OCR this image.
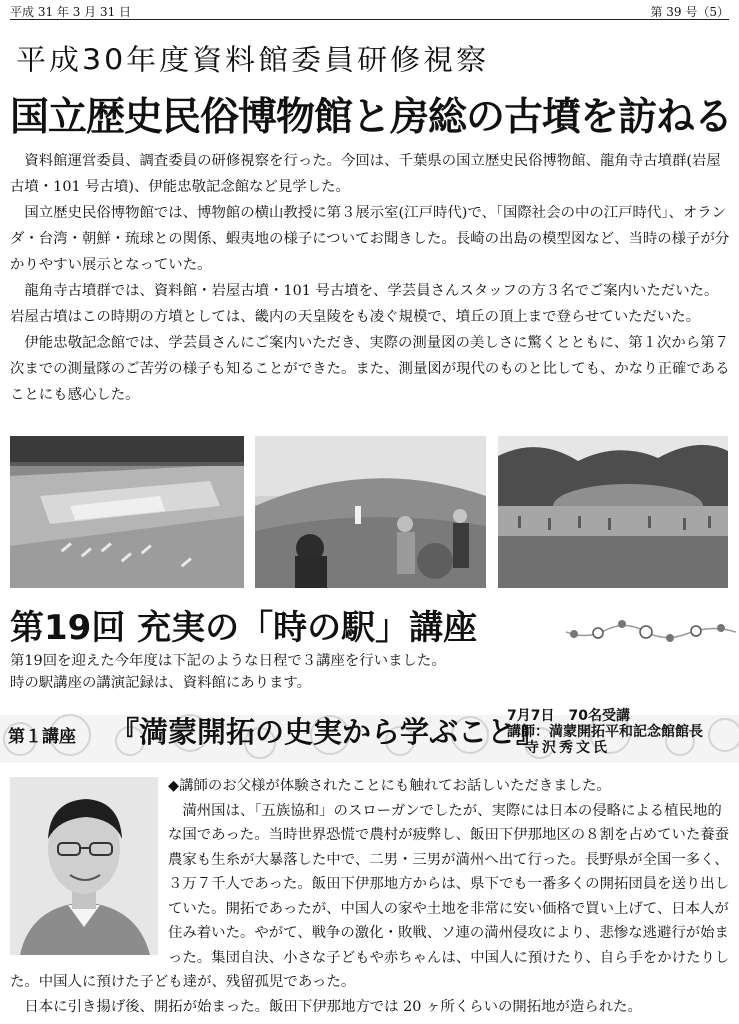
平成 31 年 3 月 31 日	第 39 号（5）
平成30年度資料館委員研修視察
国立歴史民俗博物館と房総の古墳を訪ねる

資料館運営委員、調査委員の研修視察を行った。今回は、千葉県の国立歴史民俗博物館、龍角寺古墳群(岩屋古墳・101 号古墳)、伊能忠敬記念館など見学した。

国立歴史民俗博物館では、博物館の横山教授に第３展示室(江戸時代)で、「国際社会の中の江戸時代」、オランダ・台湾・朝鮮・琉球との関係、蝦夷地の様子についてお聞きした。長崎の出島の模型図など、当時の様子が分かりやすい展示となっていた。

龍角寺古墳群では、資料館・岩屋古墳・101 号古墳を、学芸員さんスタッフの方３名でご案内いただいた。岩屋古墳はこの時期の方墳としては、畿内の天皇陵をも凌ぐ規模で、墳丘の頂上まで登らせていただいた。

伊能忠敬記念館では、学芸員さんにご案内いただき、実際の測量図の美しさに驚くとともに、第１次から第７次までの測量隊のご苦労の様子も知ることができた。また、測量図が現代のものと比しても、かなり正確であることにも感心した。

第19回 充実の「時の駅」講座
第19回を迎えた今年度は下記のような日程で３講座を行いました。
時の駅講座の講演記録は、資料館にあります。
第１講座 『満蒙開拓の史実から学ぶこと』
7月7日　70名受講
講師：満蒙開拓平和記念館館長
寺沢秀文氏

◆講師のお父様が体験されたことにも触れてお話しいただきました。

満州国は、「五族協和」のスローガンでしたが、実際には日本の侵略による植民地的な国であった。当時世界恐慌で農村が疲弊し、飯田下伊那地区の８割を占めていた養蚕農家も生糸が大暴落した中で、二男・三男が満州へ出て行った。長野県が全国一多く、３万７千人であった。飯田下伊那地方からは、県下でも一番多くの開拓団員を送り出していた。開拓であったが、中国人の家や土地を非常に安い価格で買い上げて、日本人が住み着いた。やがて、戦争の激化・敗戦、ソ連の満州侵攻により、悲惨な逃避行が始まった。集団自決、小さな子どもや赤ちゃんは、中国人に預けたり、自ら手をかけたりした。中国人に預けた子ども達が、残留孤児であった。

日本に引き揚げ後、開拓が始まった。飯田下伊那地方では 20 ヶ所くらいの開拓地が造られた。
